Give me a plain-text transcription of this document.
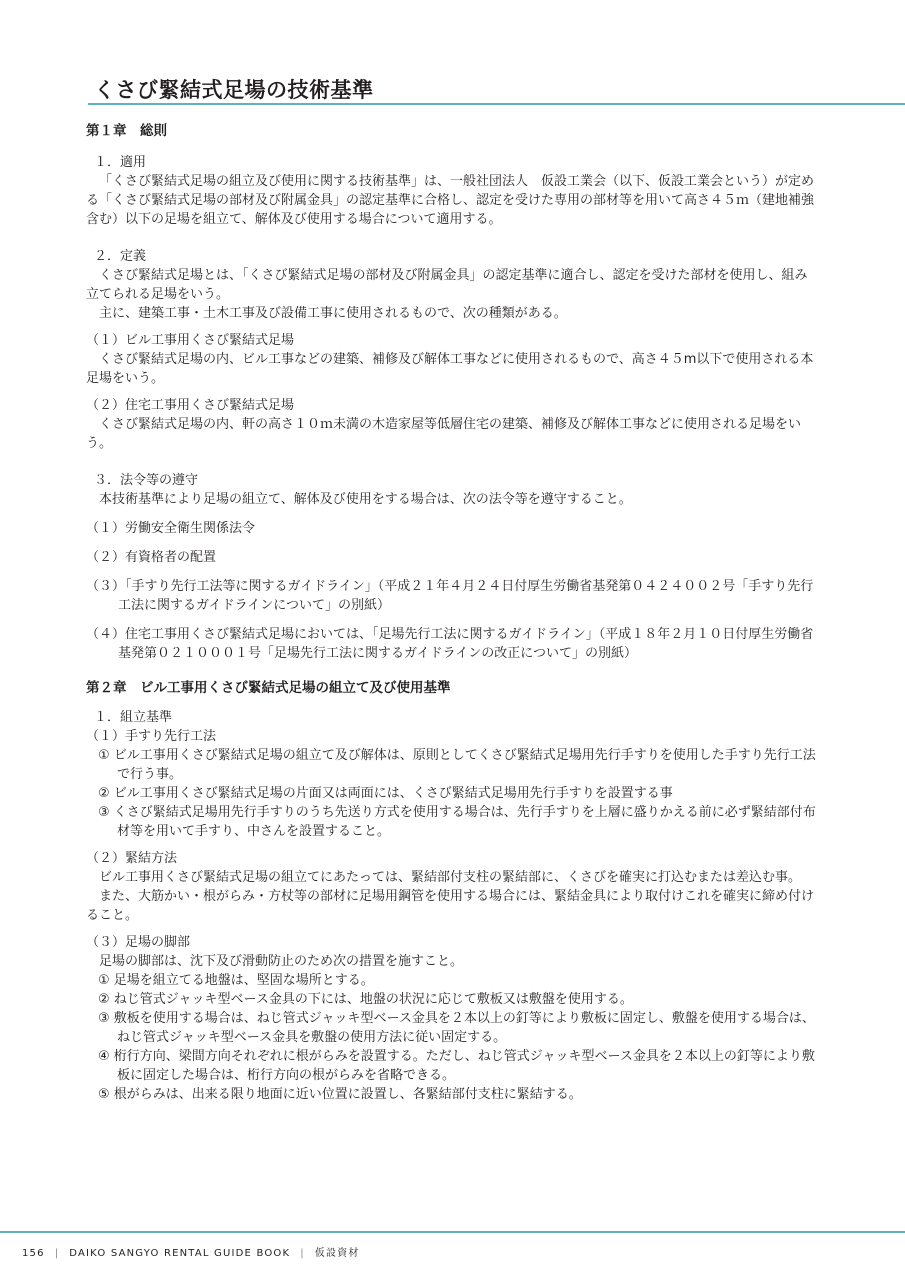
くさび緊結式足場の技術基準

第１章　総則

１．適用

「くさび緊結式足場の組立及び使用に関する技術基準」は、一般社団法人　仮設工業会（以下、仮設工業会という）が定める「くさび緊結式足場の部材及び附属金具」の認定基準に合格し、認定を受けた専用の部材等を用いて高さ４５ｍ（建地補強含む）以下の足場を組立て、解体及び使用する場合について適用する。

２．定義

くさび緊結式足場とは、「くさび緊結式足場の部材及び附属金具」の認定基準に適合し、認定を受けた部材を使用し、組み立てられる足場をいう。

主に、建築工事・土木工事及び設備工事に使用されるもので、次の種類がある。

（１）ビル工事用くさび緊結式足場

くさび緊結式足場の内、ビル工事などの建築、補修及び解体工事などに使用されるもので、高さ４５m以下で使用される本足場をいう。

（２）住宅工事用くさび緊結式足場

くさび緊結式足場の内、軒の高さ１０ｍ未満の木造家屋等低層住宅の建築、補修及び解体工事などに使用される足場をいう。

３．法令等の遵守

本技術基準により足場の組立て、解体及び使用をする場合は、次の法令等を遵守すること。

（１）労働安全衛生関係法令

（２）有資格者の配置

（３）「手すり先行工法等に関するガイドライン」（平成２１年４月２４日付厚生労働省基発第０４２４００２号「手すり先行工法に関するガイドラインについて」の別紙）

（４）住宅工事用くさび緊結式足場においては、「足場先行工法に関するガイドライン」（平成１８年２月１０日付厚生労働省基発第０２１０００１号「足場先行工法に関するガイドラインの改正について」の別紙）

第２章　ビル工事用くさび緊結式足場の組立て及び使用基準

１．組立基準

（１）手すり先行工法

① ビル工事用くさび緊結式足場の組立て及び解体は、原則としてくさび緊結式足場用先行手すりを使用した手すり先行工法で行う事。

② ビル工事用くさび緊結式足場の片面又は両面には、くさび緊結式足場用先行手すりを設置する事

③ くさび緊結式足場用先行手すりのうち先送り方式を使用する場合は、先行手すりを上層に盛りかえる前に必ず緊結部付布材等を用いて手すり、中さんを設置すること。

（２）緊結方法

ビル工事用くさび緊結式足場の組立てにあたっては、緊結部付支柱の緊結部に、くさびを確実に打込むまたは差込む事。

また、大筋かい・根がらみ・方杖等の部材に足場用鋼管を使用する場合には、緊結金具により取付けこれを確実に締め付けること。

（３）足場の脚部

足場の脚部は、沈下及び滑動防止のため次の措置を施すこと。

① 足場を組立てる地盤は、堅固な場所とする。

② ねじ管式ジャッキ型ベース金具の下には、地盤の状況に応じて敷板又は敷盤を使用する。

③ 敷板を使用する場合は、ねじ管式ジャッキ型ベース金具を２本以上の釘等により敷板に固定し、敷盤を使用する場合は、ねじ管式ジャッキ型ベース金具を敷盤の使用方法に従い固定する。

④ 桁行方向、梁間方向それぞれに根がらみを設置する。ただし、ねじ管式ジャッキ型ベース金具を２本以上の釘等により敷板に固定した場合は、桁行方向の根がらみを省略できる。

⑤ 根がらみは、出来る限り地面に近い位置に設置し、各緊結部付支柱に緊結する。

156 | DAIKO SANGYO RENTAL GUIDE BOOK | 仮設資材
